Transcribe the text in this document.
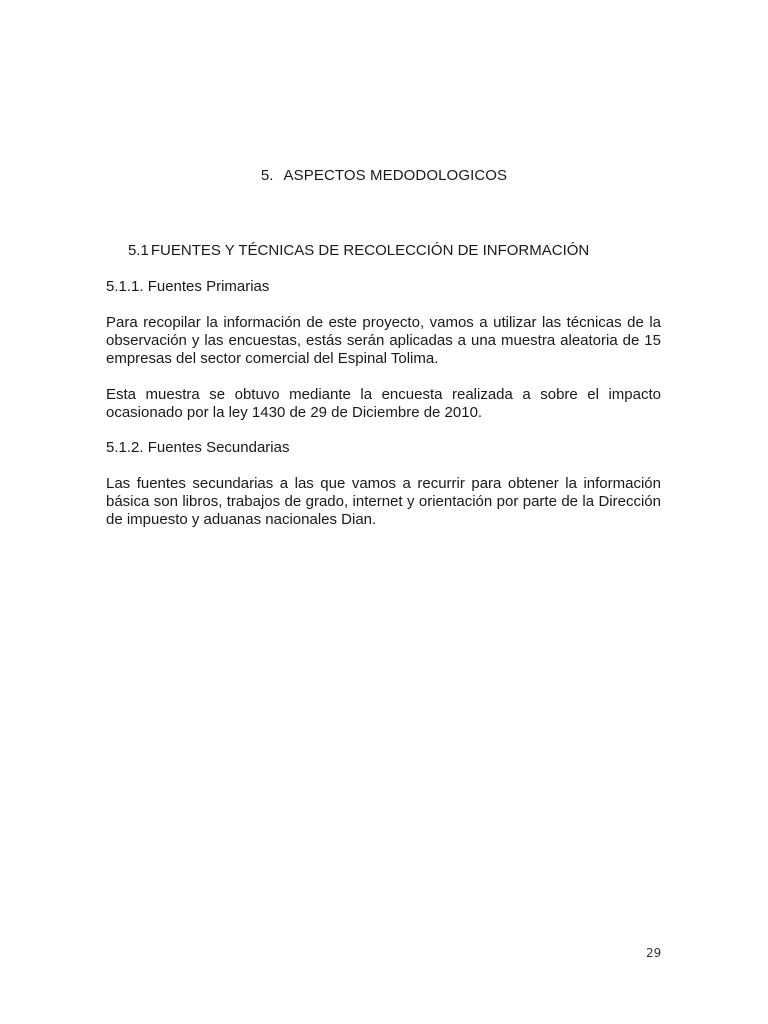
5. ASPECTOS MEDODOLOGICOS
5.1 FUENTES Y TÉCNICAS DE RECOLECCIÓN DE INFORMACIÓN
5.1.1. Fuentes Primarias

Para recopilar la información de este proyecto, vamos a utilizar las técnicas de la observación y las encuestas, estás serán aplicadas a una muestra aleatoria de 15 empresas del sector comercial del Espinal Tolima.

Esta muestra se obtuvo mediante la encuesta realizada a sobre el impacto ocasionado por la ley 1430 de 29 de Diciembre de 2010.

5.1.2. Fuentes Secundarias

Las fuentes secundarias a las que vamos a recurrir para obtener la información básica son libros, trabajos de grado, internet y orientación por parte de la Dirección de impuesto y aduanas nacionales Dian.

29
